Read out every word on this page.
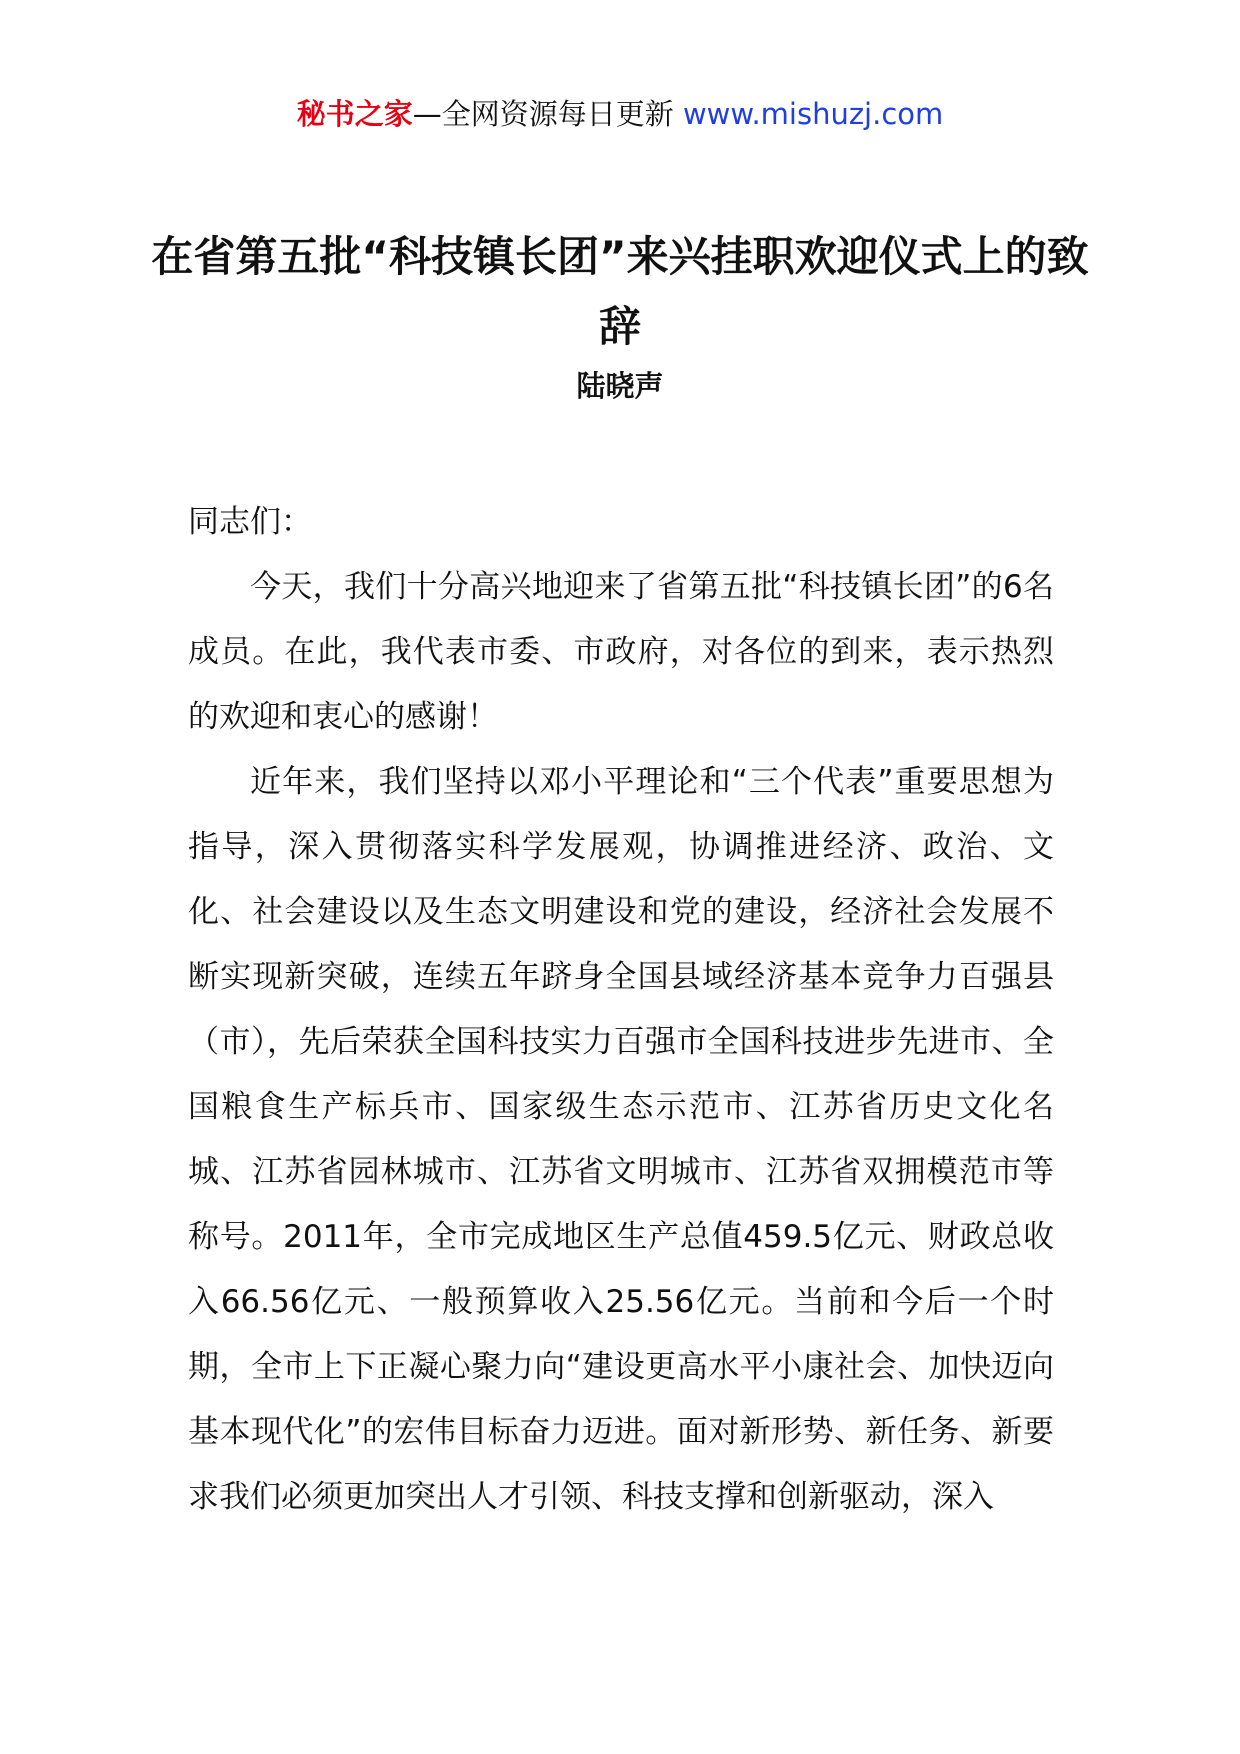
秘书之家—全网资源每日更新 www.mishuzj.com
在省第五批“科技镇长团”来兴挂职欢迎仪式上的致辞
陆晓声

同志们：

今天，我们十分高兴地迎来了省第五批“科技镇长团”的6名成员。在此，我代表市委、市政府，对各位的到来，表示热烈的欢迎和衷心的感谢！

近年来，我们坚持以邓小平理论和“三个代表”重要思想为指导，深入贯彻落实科学发展观，协调推进经济、政治、文化、社会建设以及生态文明建设和党的建设，经济社会发展不断实现新突破，连续五年跻身全国县域经济基本竞争力百强县（市），先后荣获全国科技实力百强市全国科技进步先进市、全国粮食生产标兵市、国家级生态示范市、江苏省历史文化名城、江苏省园林城市、江苏省文明城市、江苏省双拥模范市等称号。2011年，全市完成地区生产总值459.5亿元、财政总收入66.56亿元、一般预算收入25.56亿元。当前和今后一个时期，全市上下正凝心聚力向“建设更高水平小康社会、加快迈向基本现代化”的宏伟目标奋力迈进。面对新形势、新任务、新要求我们必须更加突出人才引领、科技支撑和创新驱动，深入
